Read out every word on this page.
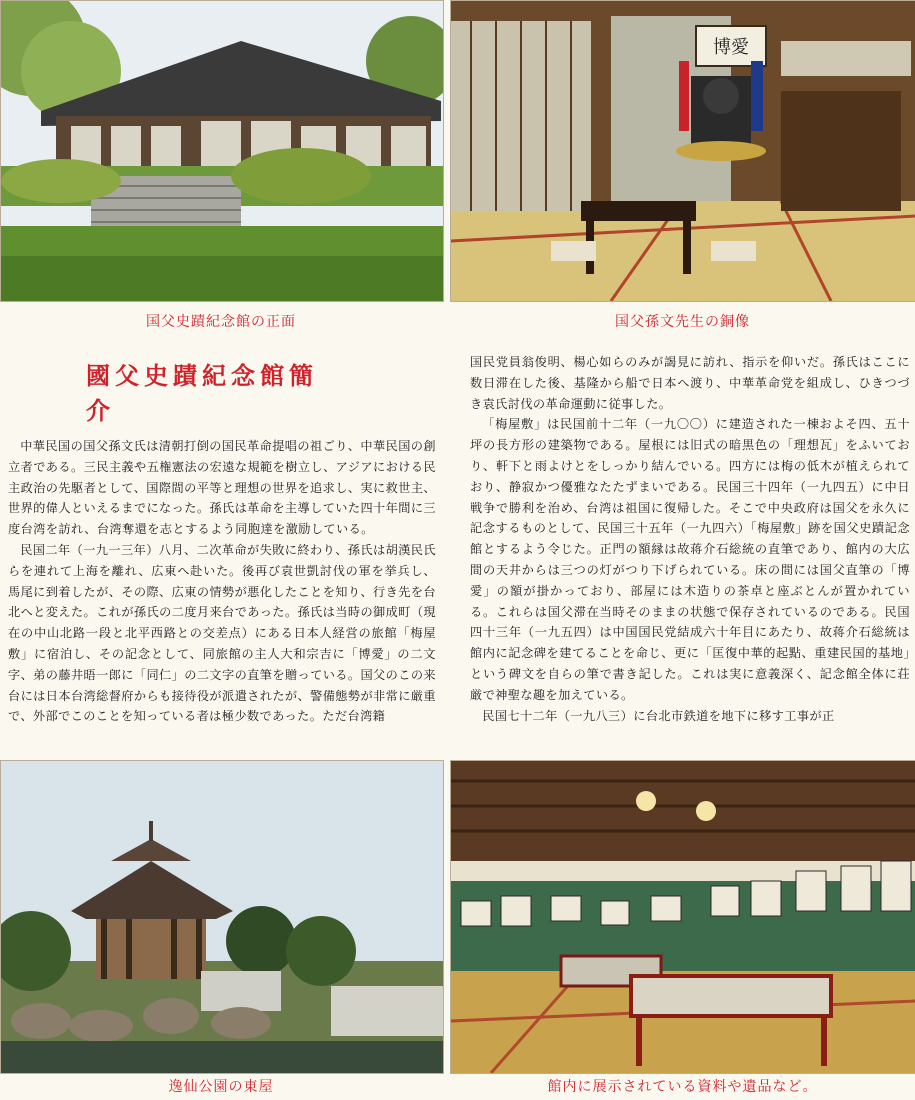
博愛
国父史蹟紀念館の正面	国父孫文先生の銅像
國父史蹟紀念館簡介

中華民国の国父孫文氏は清朝打倒の国民革命提唱の祖ごり、中華民国の創立者である。三民主義や五権憲法の宏遠な規範を樹立し、アジアにおける民主政治の先駆者として、国際間の平等と理想の世界を追求し、実に救世主、世界的偉人といえるまでになった。孫氏は革命を主導していた四十年間に三度台湾を訪れ、台湾奪還を志とするよう同胞達を激励している。

民国二年（一九一三年）八月、二次革命が失敗に終わり、孫氏は胡漢民氏らを連れて上海を離れ、広東へ赴いた。後再び袁世凱討伐の軍を挙兵し、馬尾に到着したが、その際、広東の情勢が悪化したことを知り、行き先を台北へと変えた。これが孫氏の二度月来台であった。孫氏は当時の御成町（現在の中山北路一段と北平西路との交差点）にある日本人経営の旅館「梅屋敷」に宿泊し、その記念として、同旅館の主人大和宗吉に「博愛」の二文字、弟の藤井晤一郎に「同仁」の二文字の直筆を贈っている。国父のこの来台には日本台湾総督府からも接待役が派遣されたが、警備態勢が非常に厳重で、外部でこのことを知っている者は極少数であった。ただ台湾籍

国民党員翁俊明、楊心如らのみが謁見に訪れ、指示を仰いだ。孫氏はここに数日滞在した後、基隆から船で日本へ渡り、中華革命党を組成し、ひきつづき袁氏討伐の革命運動に従事した。

「梅屋敷」は民国前十二年（一九〇〇）に建造された一棟およそ四、五十坪の長方形の建築物である。屋根には旧式の暗黒色の「理想瓦」をふいており、軒下と雨よけとをしっかり結んでいる。四方には梅の低木が植えられており、静寂かつ優雅なたたずまいである。民国三十四年（一九四五）に中日戦争で勝利を治め、台湾は祖国に復帰した。そこで中央政府は国父を永久に記念するものとして、民国三十五年（一九四六）「梅屋敷」跡を国父史蹟記念館とするよう令じた。正門の額縁は故蒋介石総統の直筆であり、館内の大広間の天井からは三つの灯がつり下げられている。床の間には国父直筆の「博愛」の額が掛かっており、部屋には木造りの茶卓と座ぶとんが置かれている。これらは国父滞在当時そのままの状態で保存されているのである。民国四十三年（一九五四）は中国国民党結成六十年目にあたり、故蒋介石総統は館内に記念碑を建てることを命じ、更に「匡復中華的起點、重建民国的基地」という碑文を自らの筆で書き記した。これは実に意義深く、記念館全体に荘厳で神聖な趣を加えている。

民国七十二年（一九八三）に台北市鉄道を地下に移す工事が正

逸仙公園の東屋	館内に展示されている資料や遺品など。
